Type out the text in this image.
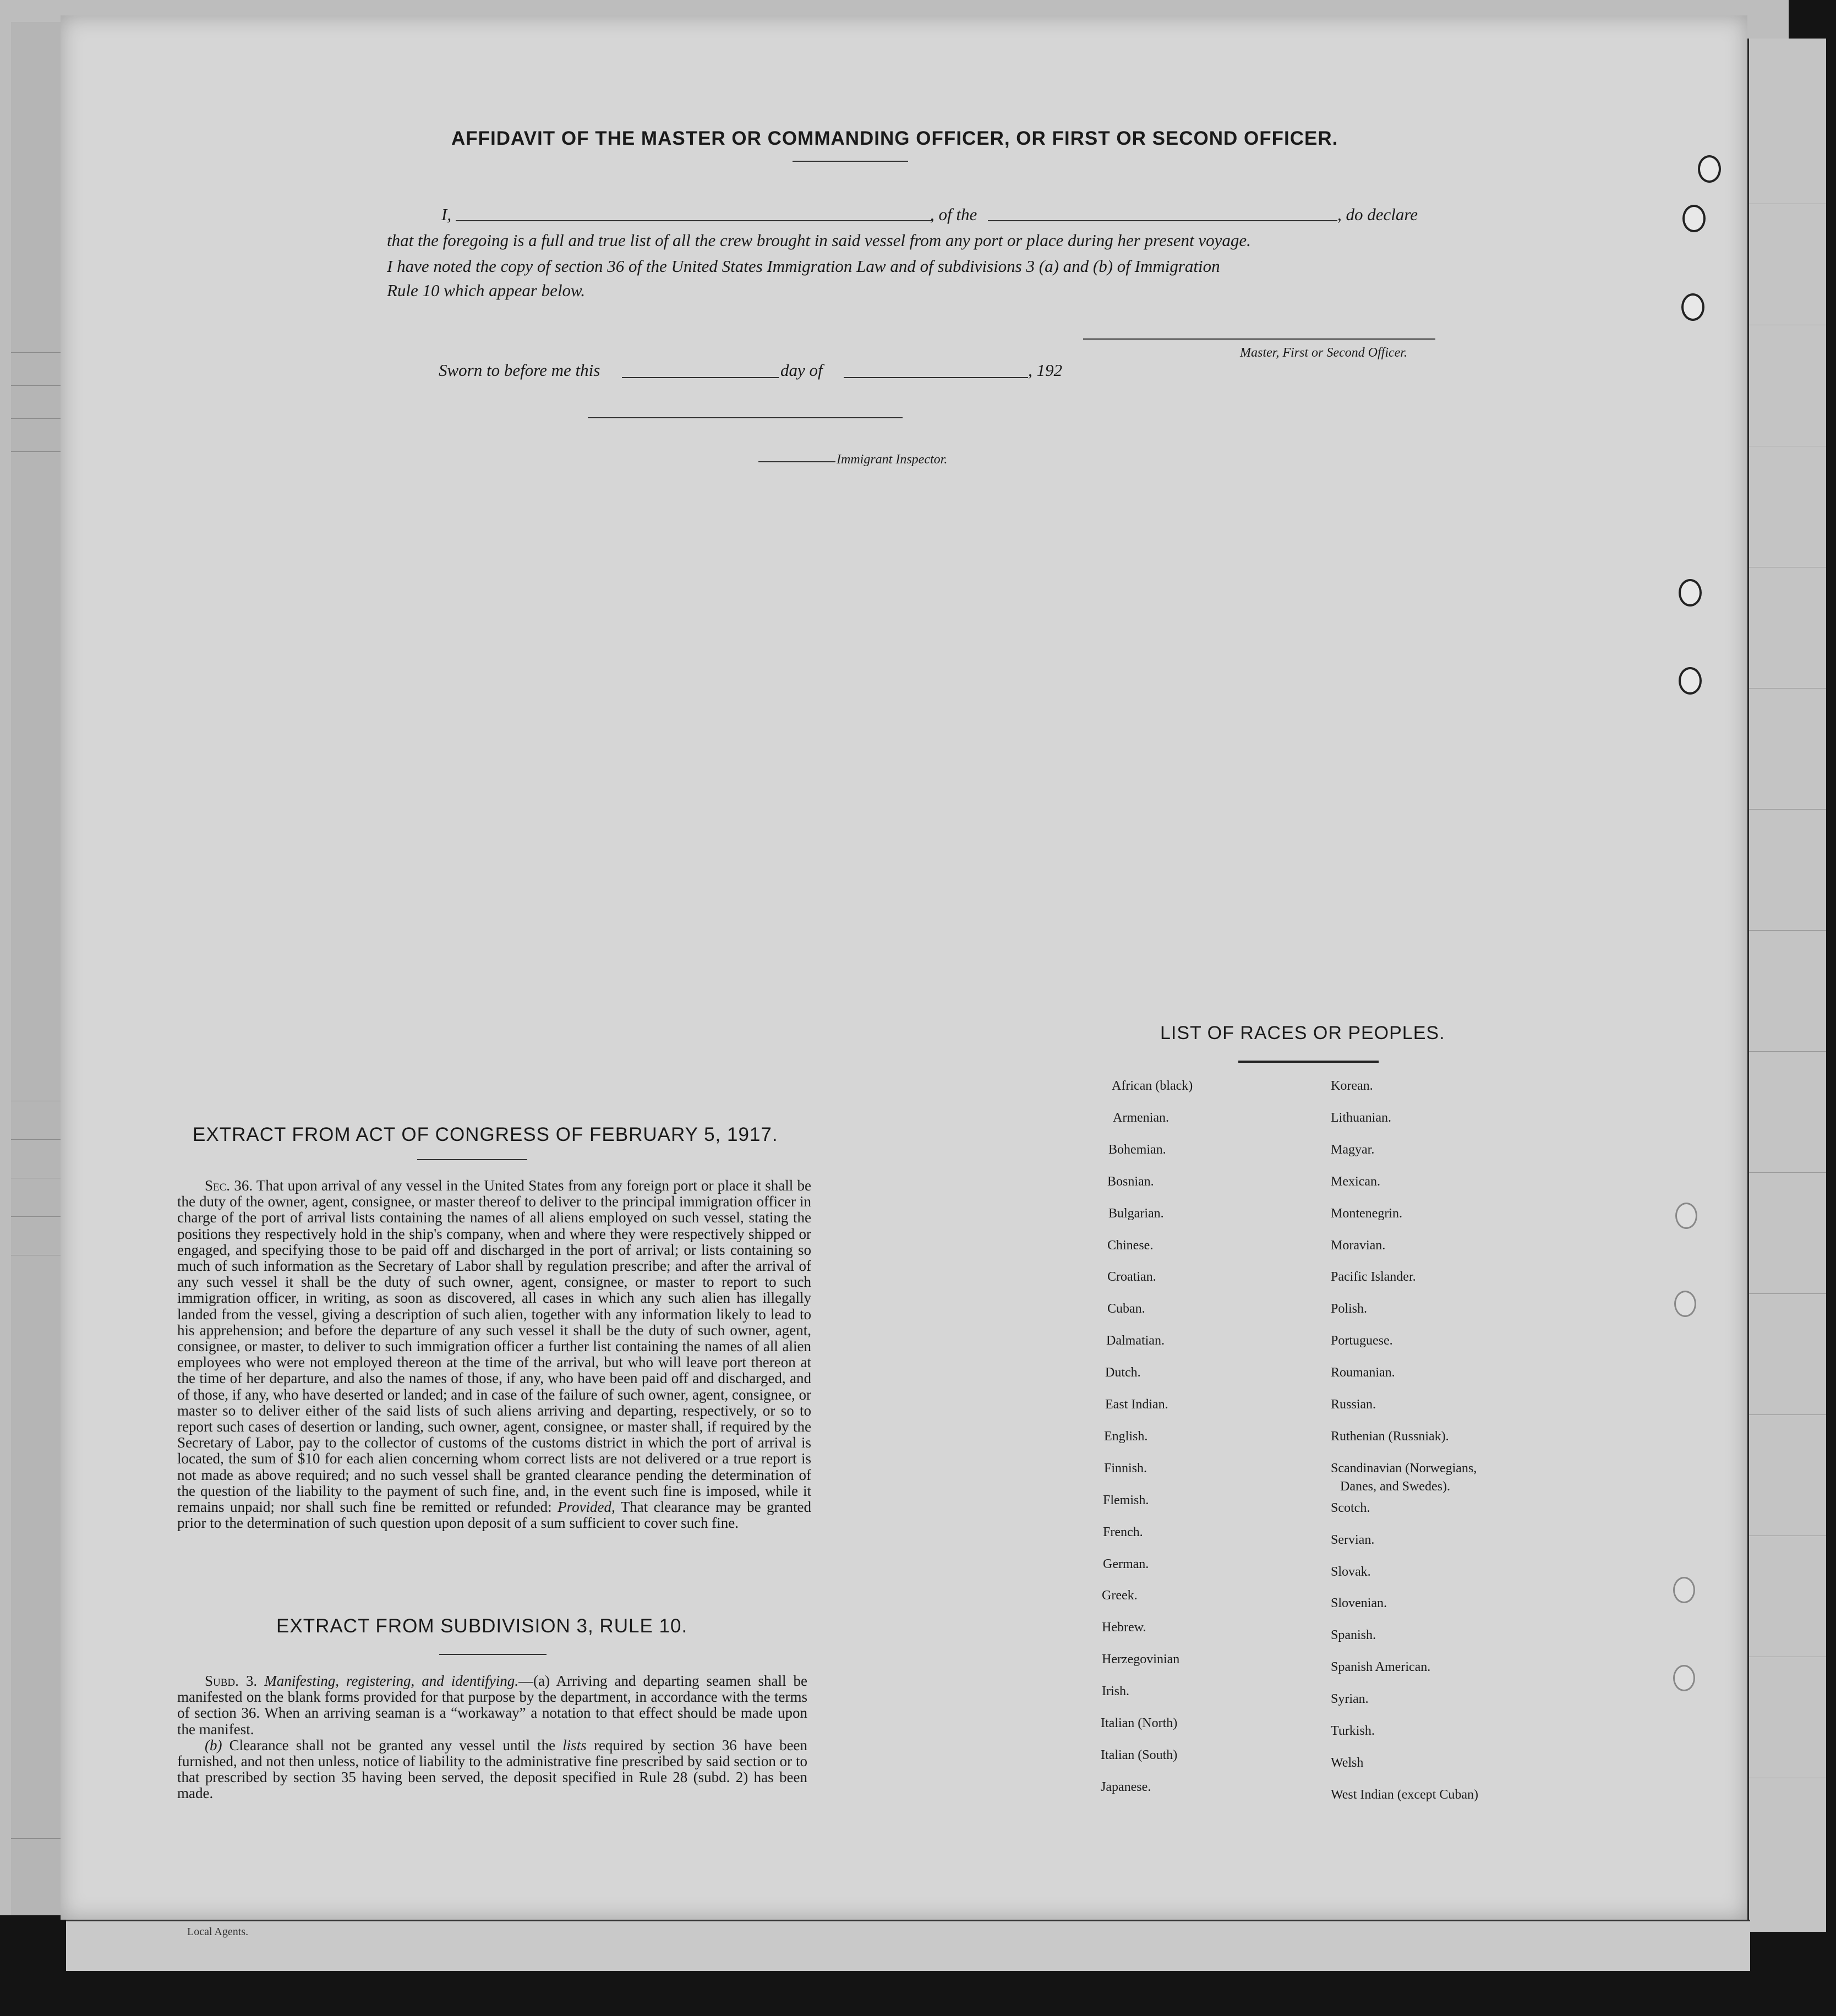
Local Agents.
AFFIDAVIT OF THE MASTER OR COMMANDING OFFICER, OR FIRST OR SECOND OFFICER.
I,	, of the	, do declare
that the foregoing is a full and true list of all the crew brought in said vessel from any port or place during her present voyage.
I have noted the copy of section 36 of the United States Immigration Law and of subdivisions 3 (a) and (b) of Immigration
Rule 10 which appear below.
Master, First or Second Officer.
Sworn to before me this	day of	, 192
Immigrant Inspector.
EXTRACT FROM ACT OF CONGRESS OF FEBRUARY 5, 1917.
Sec. 36. That upon arrival of any vessel in the United States from any foreign port or place it shall be the duty of the owner, agent, consignee, or master thereof to deliver to the principal immigration officer in charge of the port of arrival lists containing the names of all aliens employed on such vessel, stating the positions they respectively hold in the ship's company, when and where they were respectively shipped or engaged, and specifying those to be paid off and discharged in the port of arrival; or lists containing so much of such information as the Secretary of Labor shall by regulation prescribe; and after the arrival of any such vessel it shall be the duty of such owner, agent, consignee, or master to report to such immigration officer, in writing, as soon as discovered, all cases in which any such alien has illegally landed from the vessel, giving a description of such alien, together with any information likely to lead to his apprehension; and before the departure of any such vessel it shall be the duty of such owner, agent, consignee, or master, to deliver to such immigration officer a further list containing the names of all alien employees who were not employed thereon at the time of the arrival, but who will leave port thereon at the time of her departure, and also the names of those, if any, who have been paid off and discharged, and of those, if any, who have deserted or landed; and in case of the failure of such owner, agent, consignee, or master so to deliver either of the said lists of such aliens arriving and departing, respectively, or so to report such cases of desertion or landing, such owner, agent, consignee, or master shall, if required by the Secretary of Labor, pay to the collector of customs of the customs district in which the port of arrival is located, the sum of $10 for each alien concerning whom correct lists are not delivered or a true report is not made as above required; and no such vessel shall be granted clearance pending the determination of the question of the liability to the payment of such fine, and, in the event such fine is imposed, while it remains unpaid; nor shall such fine be remitted or refunded: Provided, That clearance may be granted prior to the determination of such question upon deposit of a sum sufficient to cover such fine.
EXTRACT FROM SUBDIVISION 3, RULE 10.
Subd. 3. Manifesting, registering, and identifying.—(a) Arriving and departing seamen shall be manifested on the blank forms provided for that purpose by the department, in accordance with the terms of section 36. When an arriving seaman is a “workaway” a notation to that effect should be made upon the manifest.
(b) Clearance shall not be granted any vessel until the lists required by section 36 have been furnished, and not then unless, notice of liability to the administrative fine prescribed by said section or to that prescribed by section 35 having been served, the deposit specified in Rule 28 (subd. 2) has been made.
LIST OF RACES OR PEOPLES.
African (black)
Armenian.
Bohemian.
Bosnian.
Bulgarian.
Chinese.
Croatian.
Cuban.
Dalmatian.
Dutch.
East Indian.
English.
Finnish.
Flemish.
French.
German.
Greek.
Hebrew.
Herzegovinian
Irish.
Italian (North)
Italian (South)
Japanese.
Korean.
Lithuanian.
Magyar.
Mexican.
Montenegrin.
Moravian.
Pacific Islander.
Polish.
Portuguese.
Roumanian.
Russian.
Ruthenian (Russniak).
Scandinavian (Norwegians,
Scotch.
Servian.
Slovak.
Slovenian.
Spanish.
Spanish American.
Syrian.
Turkish.
Welsh
West Indian (except Cuban)
Danes, and Swedes).
